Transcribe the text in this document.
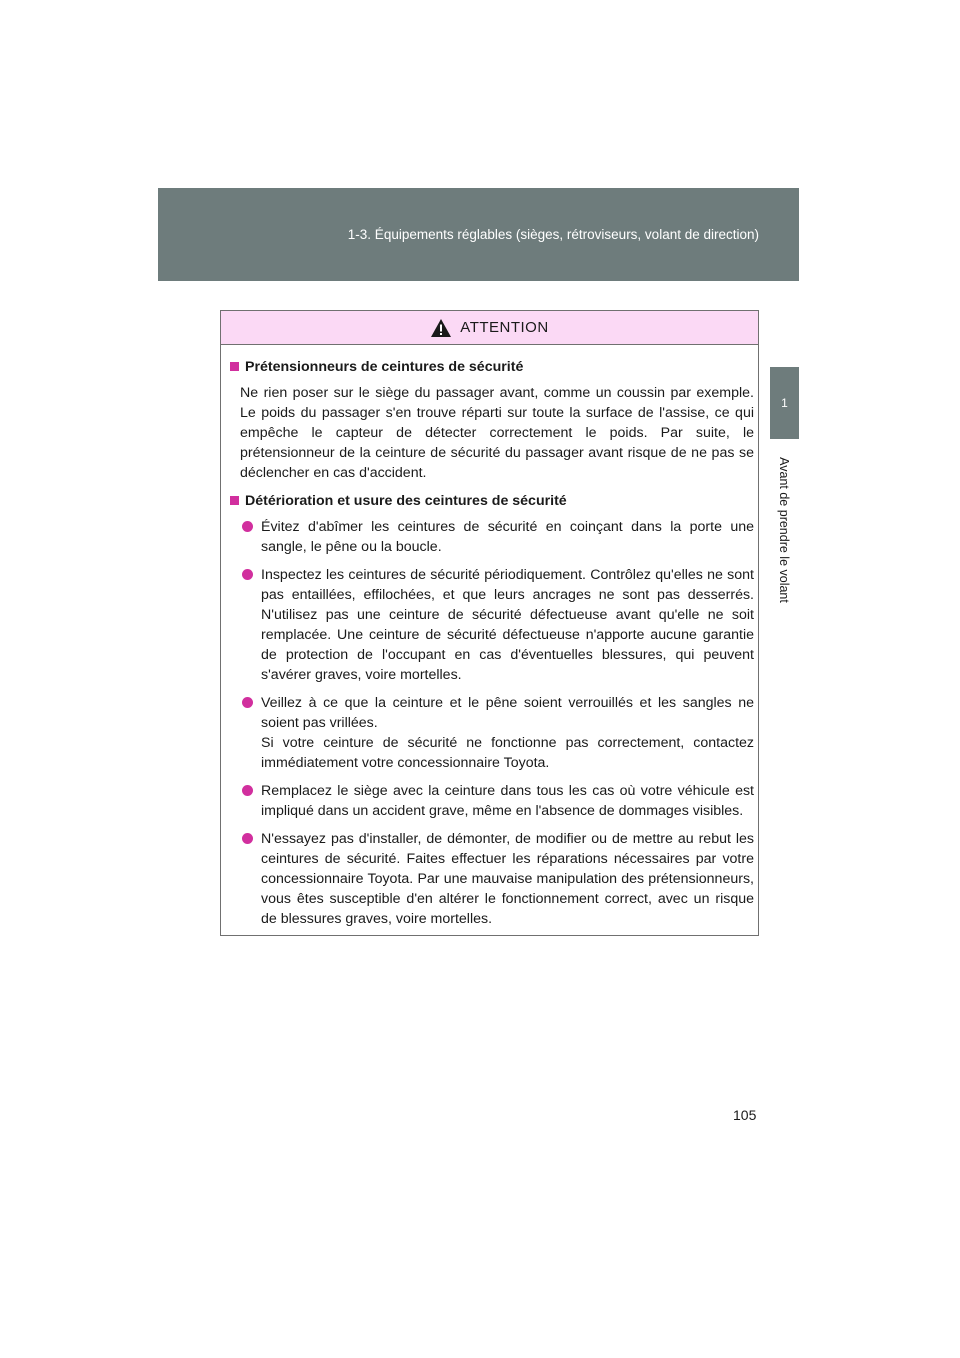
1-3. Équipements réglables (sièges, rétroviseurs, volant de direction)
1
Avant de prendre le volant
ATTENTION
Prétensionneurs de ceintures de sécurité

Ne rien poser sur le siège du passager avant, comme un coussin par exemple. Le poids du passager s'en trouve réparti sur toute la surface de l'assise, ce qui empêche le capteur de détecter correctement le poids. Par suite, le prétensionneur de la ceinture de sécurité du passager avant risque de ne pas se déclencher en cas d'accident.

Détérioration et usure des ceintures de sécurité

Évitez d'abîmer les ceintures de sécurité en coinçant dans la porte une sangle, le pêne ou la boucle.

Inspectez les ceintures de sécurité périodiquement. Contrôlez qu'elles ne sont pas entaillées, effilochées, et que leurs ancrages ne sont pas desserrés. N'utilisez pas une ceinture de sécurité défectueuse avant qu'elle ne soit remplacée. Une ceinture de sécurité défectueuse n'apporte aucune garantie de protection de l'occupant en cas d'éventuelles blessures, qui peuvent s'avérer graves, voire mortelles.

Veillez à ce que la ceinture et le pêne soient verrouillés et les sangles ne soient pas vrillées.

Si votre ceinture de sécurité ne fonctionne pas correctement, contactez immédiatement votre concessionnaire Toyota.

Remplacez le siège avec la ceinture dans tous les cas où votre véhicule est impliqué dans un accident grave, même en l'absence de dommages visibles.

N'essayez pas d'installer, de démonter, de modifier ou de mettre au rebut les ceintures de sécurité. Faites effectuer les réparations nécessaires par votre concessionnaire Toyota. Par une mauvaise manipulation des prétensionneurs, vous êtes susceptible d'en altérer le fonctionnement correct, avec un risque de blessures graves, voire mortelles.

105
